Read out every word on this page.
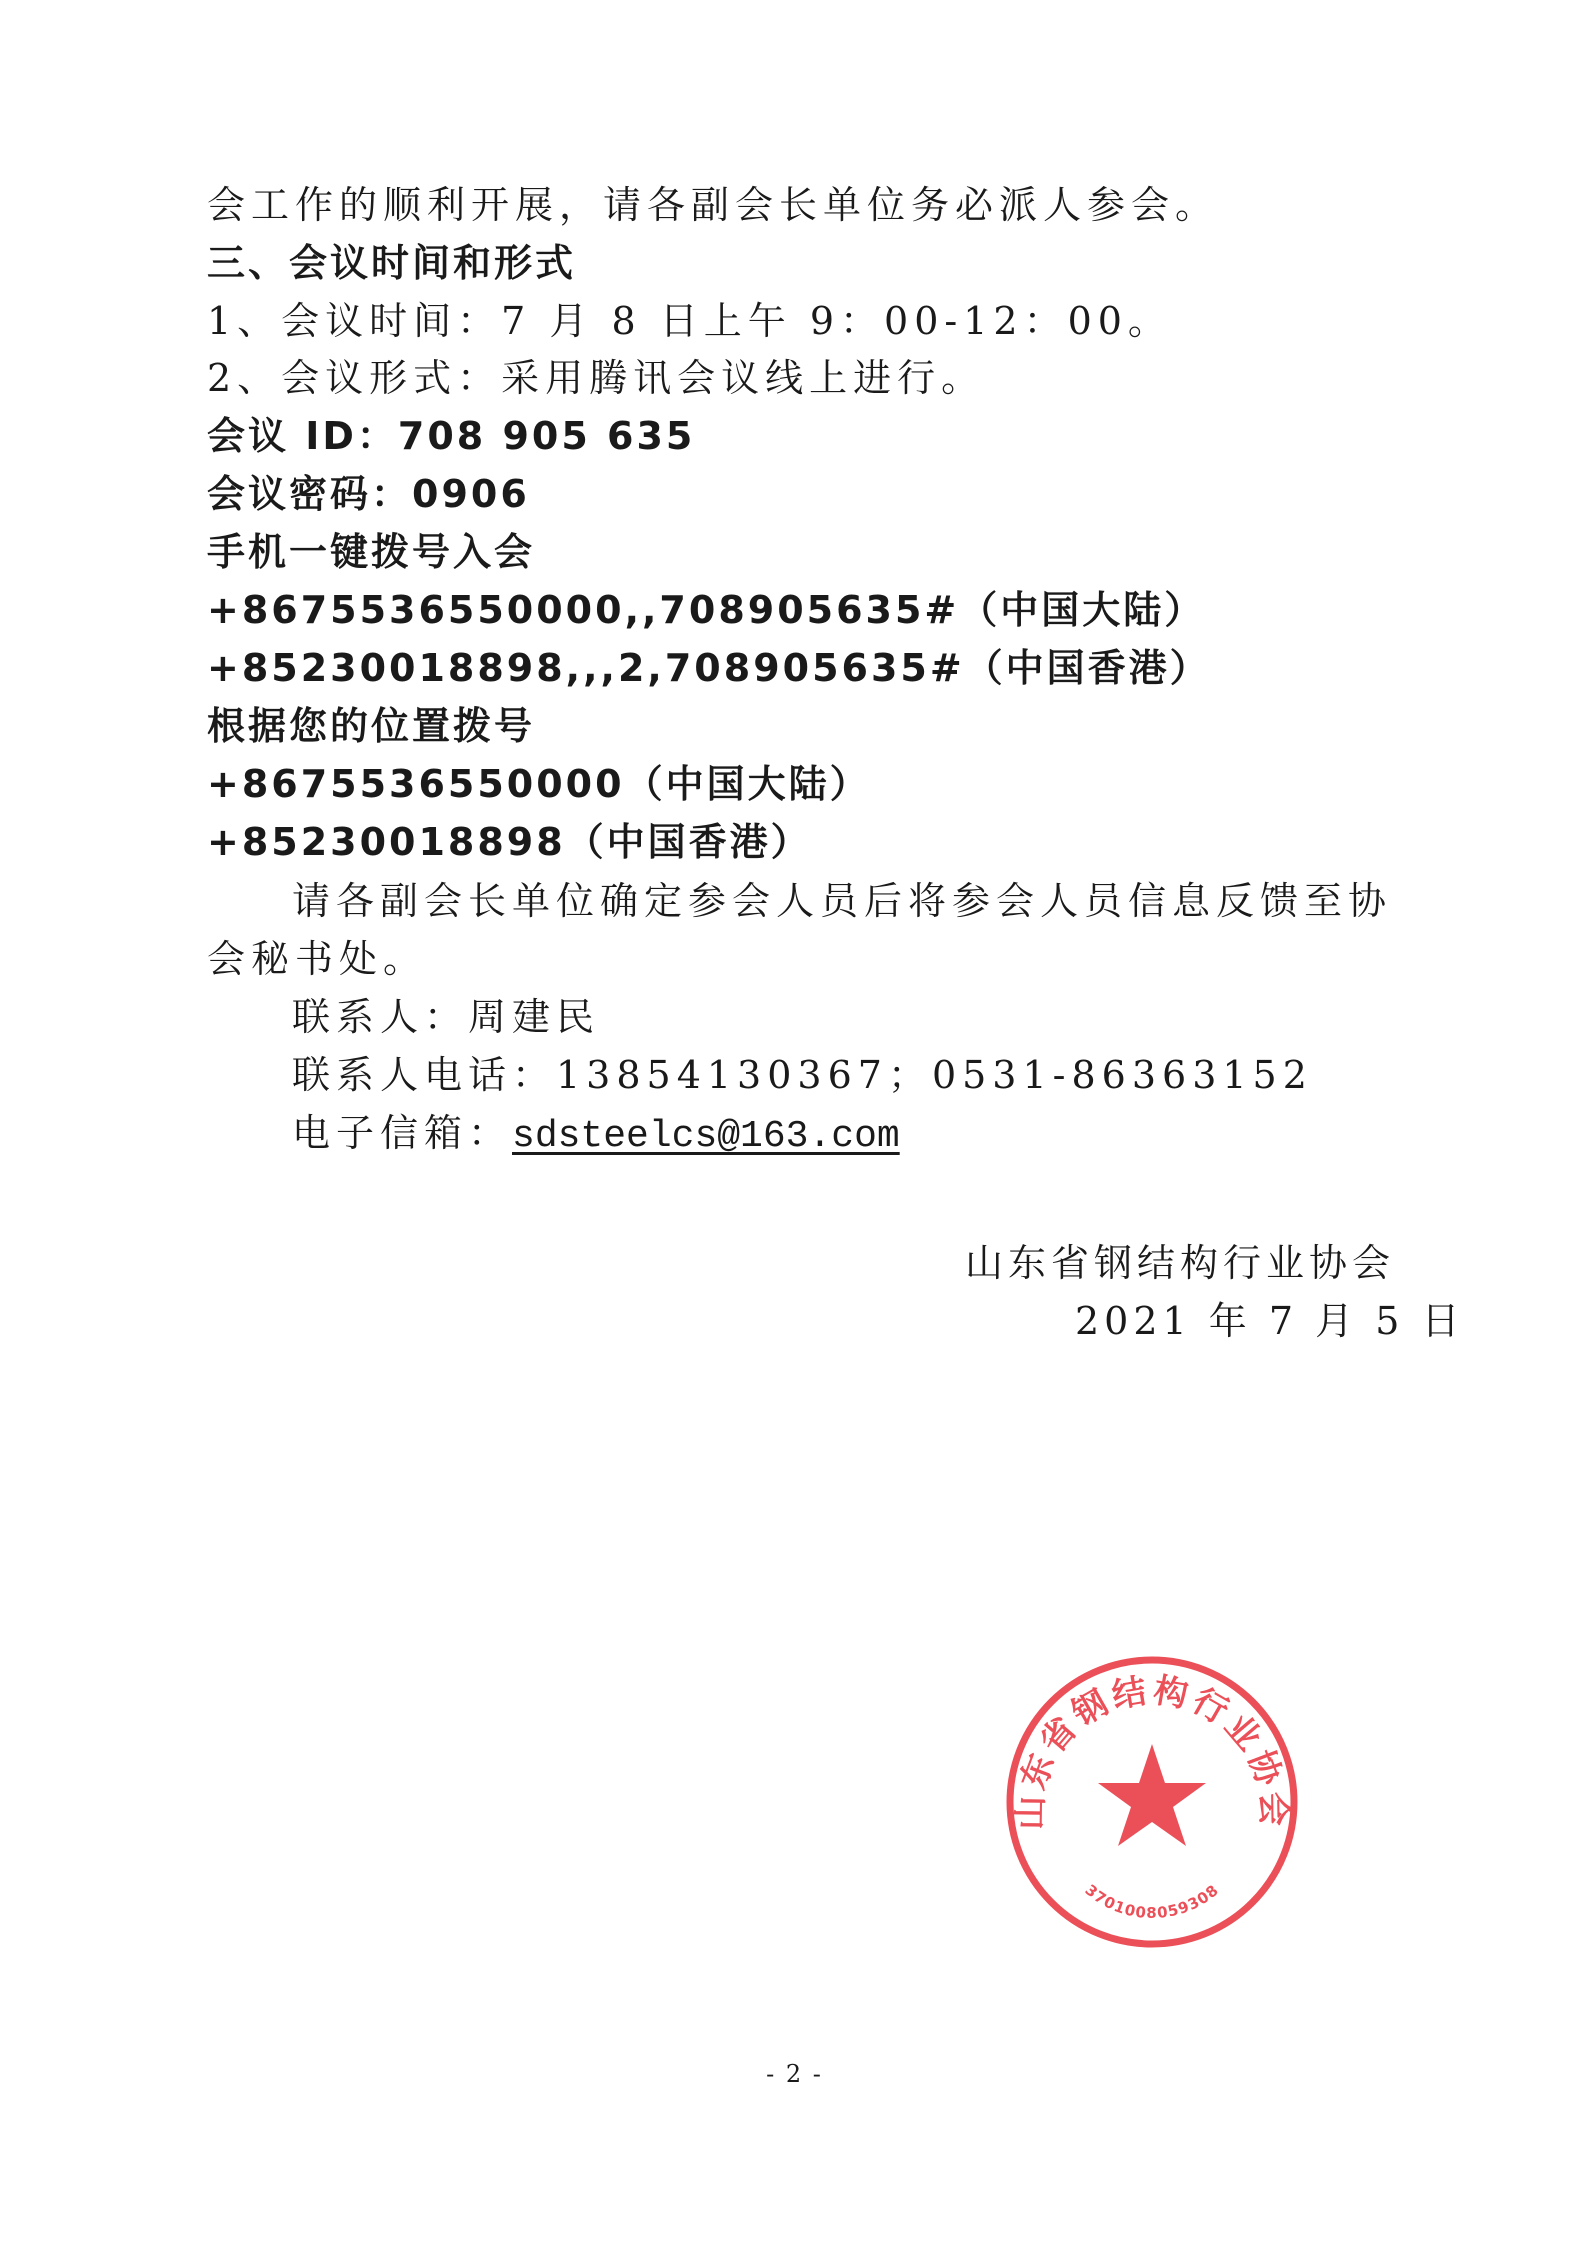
会工作的顺利开展，请各副会长单位务必派人参会。
三、会议时间和形式
1、会议时间：7 月 8 日上午 9：00-12：00。
2、会议形式：采用腾讯会议线上进行。
会议 ID：708 905 635
会议密码：0906
手机一键拨号入会
+8675536550000,,708905635#（中国大陆）
+85230018898,,,2,708905635#（中国香港）
根据您的位置拨号
+8675536550000（中国大陆）
+85230018898（中国香港）
请各副会长单位确定参会人员后将参会人员信息反馈至协
会秘书处。
联系人：周建民
联系人电话：13854130367；0531-86363152
电子信箱：sdsteelcs@163.com
山东省钢结构行业协会
3701008059308
山东省钢结构行业协会
2021 年 7 月 5 日
- 2 -
